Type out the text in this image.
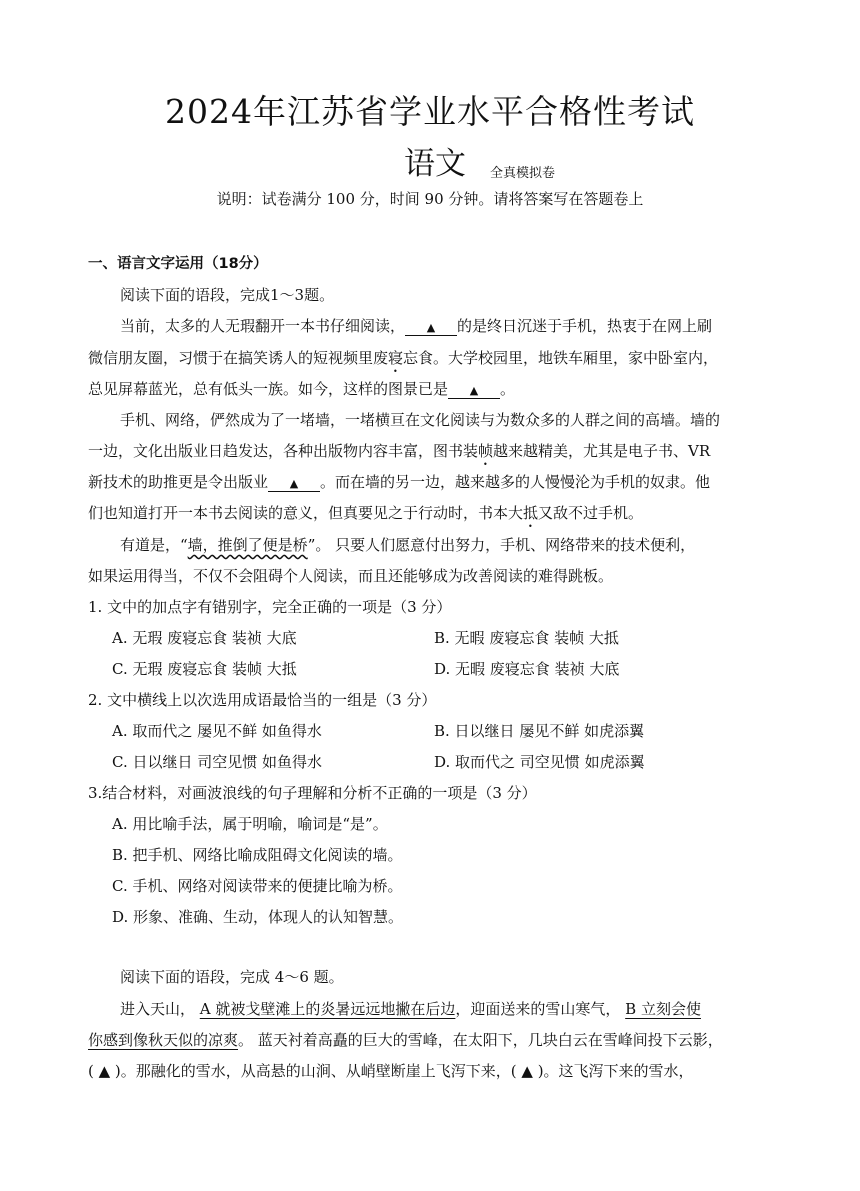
2024年江苏省学业水平合格性考试
语文 全真模拟卷
说明：试卷满分 100 分，时间 90 分钟。请将答案写在答题卷上
一、语言文字运用（18分）
阅读下面的语段，完成1～3题。
当前，太多的人无瑕翻开一本书仔细阅读， ▲ 的是终日沉迷于手机，热衷于在网上刷
微信朋友圈，习惯于在搞笑诱人的短视频里废寝忘食。大学校园里，地铁车厢里，家中卧室内，
总见屏幕蓝光，总有低头一族。如今，这样的图景已是 ▲ 。
手机、网络，俨然成为了一堵墙，一堵横亘在文化阅读与为数众多的人群之间的高墙。墙的
一边，文化出版业日趋发达，各种出版物内容丰富，图书装帧越来越精美，尤其是电子书、VR
新技术的助推更是令出版业 ▲ 。而在墙的另一边，越来越多的人慢慢沦为手机的奴隶。他
们也知道打开一本书去阅读的意义，但真要见之于行动时，书本大抵又敌不过手机。
有道是，“墙，推倒了便是桥”。 只要人们愿意付出努力，手机、网络带来的技术便利，
如果运用得当，不仅不会阻碍个人阅读，而且还能够成为改善阅读的难得跳板。
1. 文中的加点字有错别字，完全正确的一项是（3 分）
A. 无瑕 废寝忘食 装祯 大底	B. 无暇 废寝忘食 装帧 大抵
C. 无瑕 废寝忘食 装帧 大抵	D. 无暇 废寝忘食 装祯 大底
2. 文中横线上以次选用成语最恰当的一组是（3 分）
A. 取而代之 屡见不鲜 如鱼得水	B. 日以继日 屡见不鲜 如虎添翼
C. 日以继日 司空见惯 如鱼得水	D. 取而代之 司空见惯 如虎添翼
3.结合材料，对画波浪线的句子理解和分析不正确的一项是（3 分）
A. 用比喻手法，属于明喻，喻词是“是”。
B. 把手机、网络比喻成阻碍文化阅读的墙。
C. 手机、网络对阅读带来的便捷比喻为桥。
D. 形象、准确、生动，体现人的认知智慧。
阅读下面的语段，完成 4～6 题。
进入天山， A 就被戈壁滩上的炎暑远远地撇在后边，迎面送来的雪山寒气， B 立刻会使
你感到像秋天似的凉爽。 蓝天衬着高矗的巨大的雪峰，在太阳下，几块白云在雪峰间投下云影，
( ▲ )。那融化的雪水，从高悬的山涧、从峭壁断崖上飞泻下来，( ▲ )。这飞泻下来的雪水，
